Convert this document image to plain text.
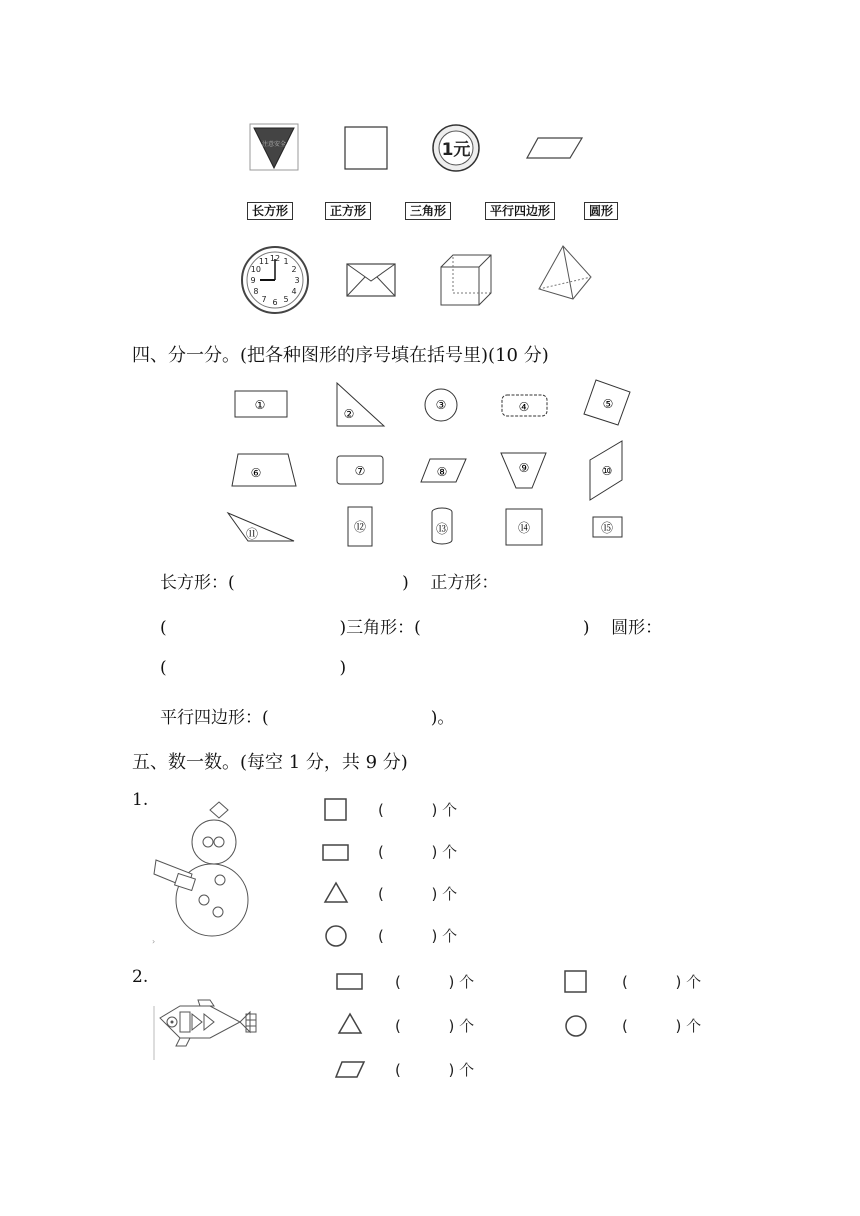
注意安全	1元
长方形	正方形	三角形	平行四边形	圆形
12 1
2
3
4
5
6
7
8
9
10
11
四、分一分。(把各种图形的序号填在括号里)(10 分)
①
②
③	④	⑤
⑥	⑦	⑧	⑨	⑩
⑪	⑫	⑬	⑭	⑮
长方形：(                               )    正方形：
(                                )三角形：(                              )    圆形：
(                                )
平行四边形：(                              )。
五、数一数。(每空 1 分，共 9 分)
1.
›
(          ) 个
(          ) 个
(          ) 个
(          ) 个
2.	(          ) 个
(          ) 个
(          ) 个
(          ) 个
(          ) 个
